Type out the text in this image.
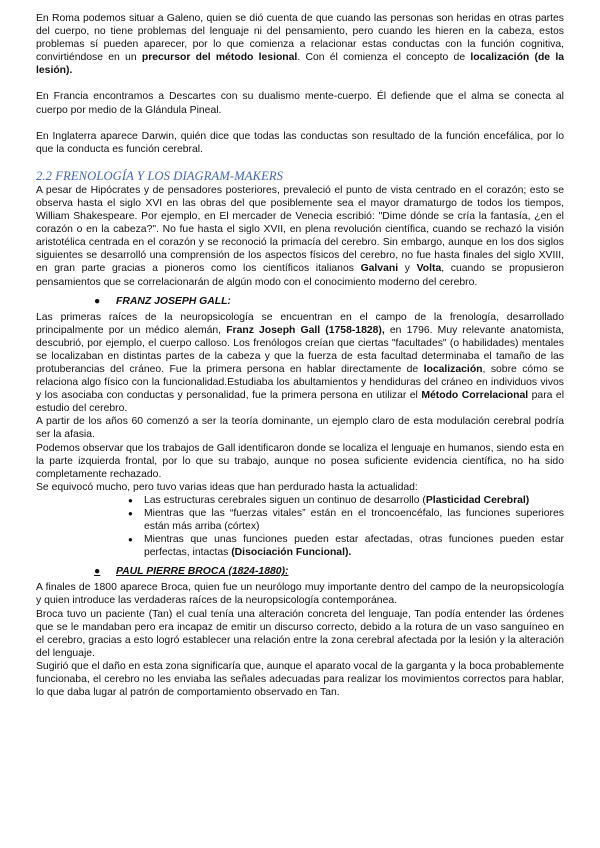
En Roma podemos situar a Galeno, quien se dió cuenta de que cuando las personas son heridas en otras partes del cuerpo, no tiene problemas del lenguaje ni del pensamiento, pero cuando les hieren en la cabeza, estos problemas sí pueden aparecer, por lo que comienza a relacionar estas conductas con la función cognitiva, convirtiéndose en un precursor del método lesional. Con él comienza el concepto de localización (de la lesión).

En Francia encontramos a Descartes con su dualismo mente-cuerpo. Él defiende que el alma se conecta al cuerpo por medio de la Glándula Pineal.

En Inglaterra aparece Darwin, quién dice que todas las conductas son resultado de la función encefálica, por lo que la conducta es función cerebral.

2.2 FRENOLOGÍA Y LOS DIAGRAM-MAKERS

A pesar de Hipócrates y de pensadores posteriores, prevaleció el punto de vista centrado en el corazón; esto se observa hasta el siglo XVI en las obras del que posiblemente sea el mayor dramaturgo de todos los tiempos, William Shakespeare. Por ejemplo, en El mercader de Venecia escribió: "Dime dónde se cría la fantasía, ¿en el corazón o en la cabeza?". No fue hasta el siglo XVII, en plena revolución científica, cuando se rechazó la visión aristotélica centrada en el corazón y se reconoció la primacía del cerebro. Sin embargo, aunque en los dos siglos siguientes se desarrolló una comprensión de los aspectos físicos del cerebro, no fue hasta finales del siglo XVIII, en gran parte gracias a pioneros como los científicos italianos Galvani y Volta, cuando se propusieron pensamientos que se correlacionarán de algún modo con el conocimiento moderno del cerebro.

● FRANZ JOSEPH GALL:

Las primeras raíces de la neuropsicología se encuentran en el campo de la frenología, desarrollado principalmente por un médico alemán, Franz Joseph Gall (1758-1828), en 1796. Muy relevante anatomista, descubrió, por ejemplo, el cuerpo calloso. Los frenólogos creían que ciertas "facultades" (o habilidades) mentales se localizaban en distintas partes de la cabeza y que la fuerza de esta facultad determinaba el tamaño de las protuberancias del cráneo. Fue la primera persona en hablar directamente de localización, sobre cómo se relaciona algo físico con la funcionalidad.Estudiaba los abultamientos y hendiduras del cráneo en individuos vivos y los asociaba con conductas y personalidad, fue la primera persona en utilizar el Método Correlacional para el estudio del cerebro.

A partir de los años 60 comenzó a ser la teoría dominante, un ejemplo claro de esta modulación cerebral podría ser la afasia.

Podemos observar que los trabajos de Gall identificaron donde se localiza el lenguaje en humanos, siendo esta en la parte izquierda frontal, por lo que su trabajo, aunque no posea suficiente evidencia científica, no ha sido completamente rechazado.

Se equivocó mucho, pero tuvo varias ideas que han perdurado hasta la actualidad:

● Las estructuras cerebrales siguen un continuo de desarrollo (Plasticidad Cerebral)
● Mientras que las “fuerzas vitales” están en el troncoencéfalo, las funciones superiores están más arriba (córtex)
● Mientras que unas funciones pueden estar afectadas, otras funciones pueden estar perfectas, intactas (Disociación Funcional).
● PAUL PIERRE BROCA (1824-1880):

A finales de 1800 aparece Broca, quien fue un neurólogo muy importante dentro del campo de la neuropsicología y quien introduce las verdaderas raíces de la neuropsicología contemporánea.

Broca tuvo un paciente (Tan) el cual tenía una alteración concreta del lenguaje, Tan podía entender las órdenes que se le mandaban pero era incapaz de emitir un discurso correcto, debido a la rotura de un vaso sanguíneo en el cerebro, gracias a esto logró establecer una relación entre la zona cerebral afectada por la lesión y la alteración del lenguaje.

Sugirió que el daño en esta zona significaría que, aunque el aparato vocal de la garganta y la boca probablemente funcionaba, el cerebro no les enviaba las señales adecuadas para realizar los movimientos correctos para hablar, lo que daba lugar al patrón de comportamiento observado en Tan.
